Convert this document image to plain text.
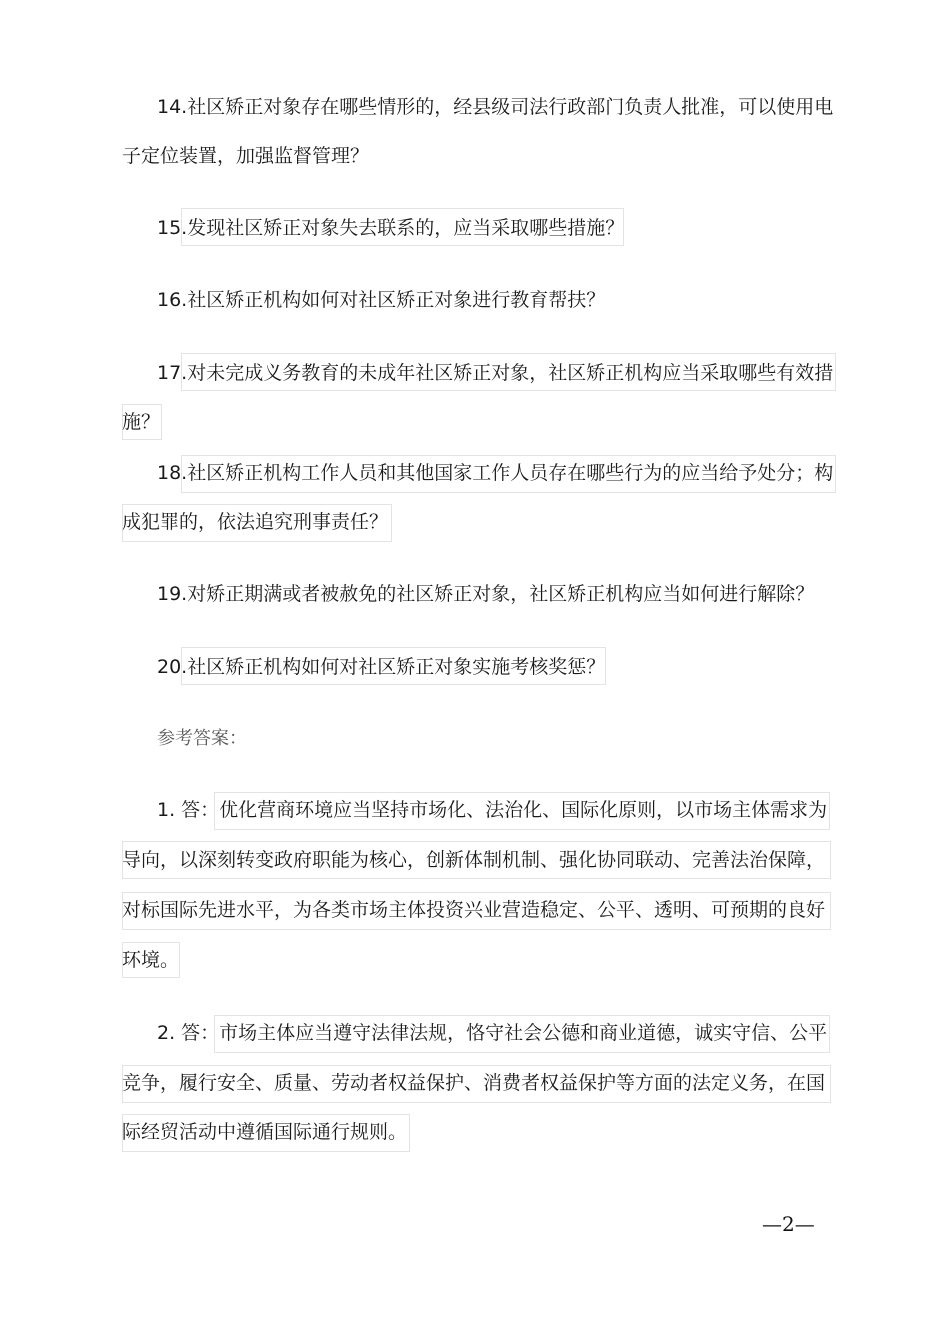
14.社区矫正对象存在哪些情形的，经县级司法行政部门负责人批准，可以使用电
子定位装置，加强监督管理？
15.发现社区矫正对象失去联系的，应当采取哪些措施？
16.社区矫正机构如何对社区矫正对象进行教育帮扶？
17.对未完成义务教育的未成年社区矫正对象，社区矫正机构应当采取哪些有效措
施？
18.社区矫正机构工作人员和其他国家工作人员存在哪些行为的应当给予处分；构
成犯罪的，依法追究刑事责任？
19.对矫正期满或者被赦免的社区矫正对象，社区矫正机构应当如何进行解除？
20.社区矫正机构如何对社区矫正对象实施考核奖惩？
参考答案：
1. 答：优化营商环境应当坚持市场化、法治化、国际化原则，以市场主体需求为
导向，以深刻转变政府职能为核心，创新体制机制、强化协同联动、完善法治保障，
对标国际先进水平，为各类市场主体投资兴业营造稳定、公平、透明、可预期的良好
环境。
2. 答：市场主体应当遵守法律法规，恪守社会公德和商业道德，诚实守信、公平
竞争，履行安全、质量、劳动者权益保护、消费者权益保护等方面的法定义务，在国
际经贸活动中遵循国际通行规则。
—2—
